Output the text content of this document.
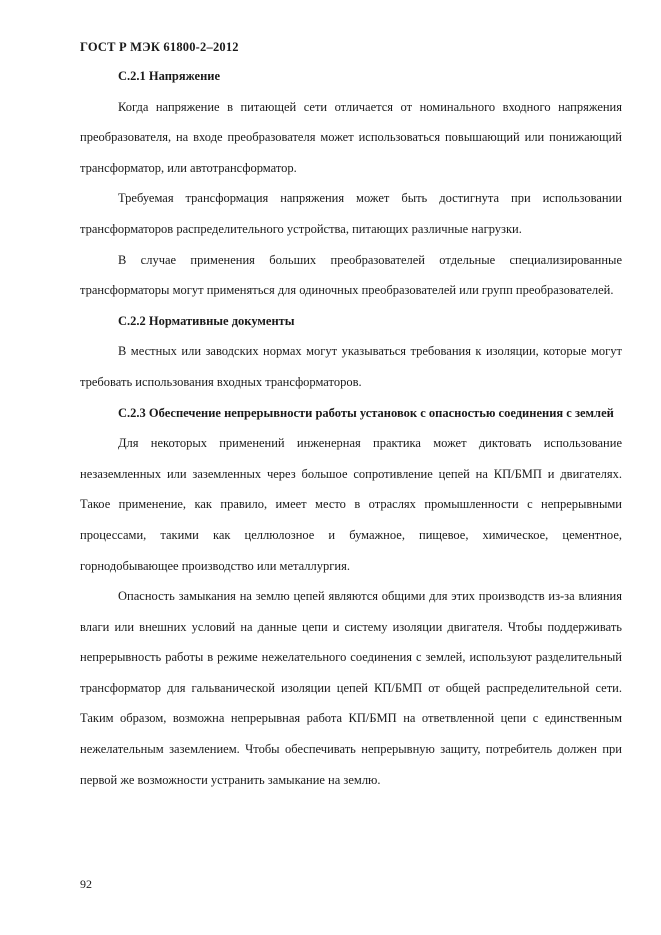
ГОСТ Р МЭК 61800-2–2012

С.2.1 Напряжение

Когда напряжение в питающей сети отличается от номинального входного напряжения преобразователя, на входе преобразователя может использоваться повышающий или понижающий трансформатор, или автотрансформатор.

Требуемая трансформация напряжения может быть достигнута при использовании трансформаторов распределительного устройства, питающих различные нагрузки.

В случае применения больших преобразователей отдельные специализированные трансформаторы могут применяться для одиночных преобразователей или групп преобразователей.

С.2.2 Нормативные документы

В местных или заводских нормах могут указываться требования к изоляции, которые могут требовать использования входных трансформаторов.

С.2.3 Обеспечение непрерывности работы установок с опасностью соединения с землей

Для некоторых применений инженерная практика может диктовать использование незаземленных или заземленных через большое сопротивление цепей на КП/БМП и двигателях. Такое применение, как правило, имеет место в отраслях промышленности с непрерывными процессами, такими как целлюлозное и бумажное, пищевое, химическое, цементное, горнодобывающее производство или металлургия.

Опасность замыкания на землю цепей являются общими для этих производств из-за влияния влаги или внешних условий на данные цепи и систему изоляции двигателя. Чтобы поддерживать непрерывность работы в режиме нежелательного соединения с землей, используют разделительный трансформатор для гальванической изоляции цепей КП/БМП от общей распределительной сети. Таким образом, возможна непрерывная работа КП/БМП на ответвленной цепи с единственным нежелательным заземлением. Чтобы обеспечивать непрерывную защиту, потребитель должен при первой же возможности устранить замыкание на землю.

92
